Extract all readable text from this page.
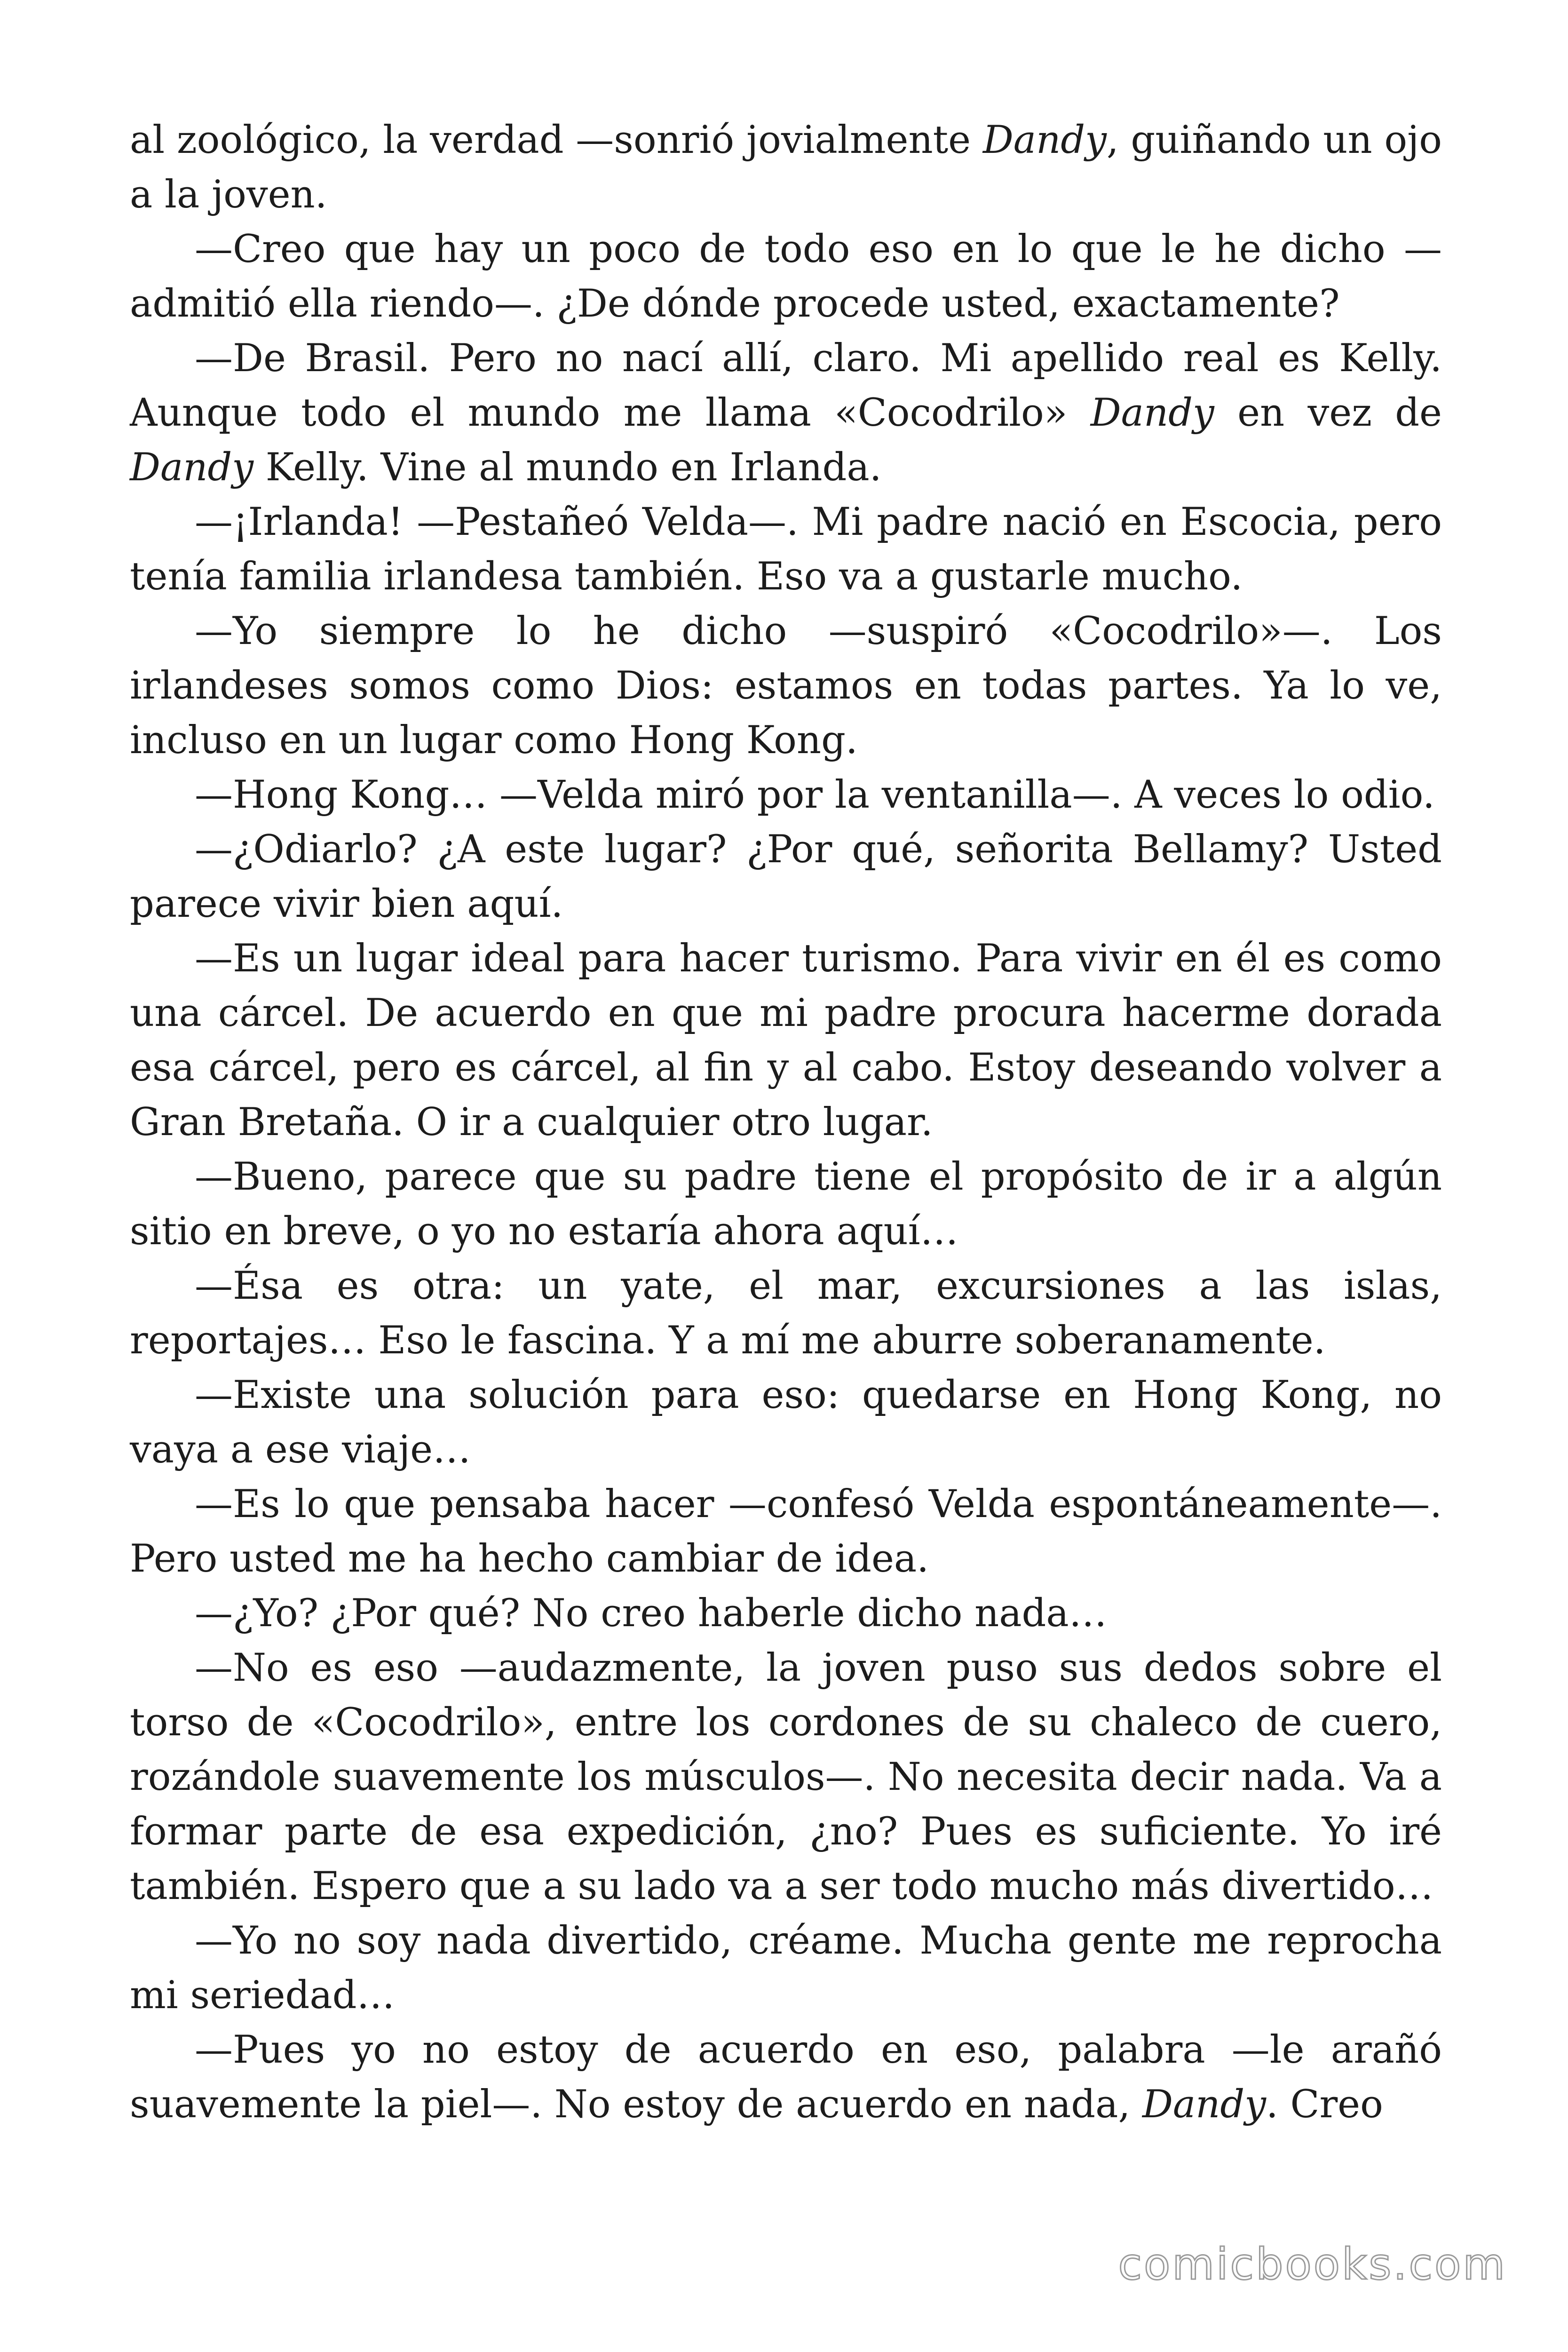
al zoológico, la verdad —sonrió jovialmente Dandy, guiñando un ojo a la joven.

—Creo que hay un poco de todo eso en lo que le he dicho —admitió ella riendo—. ¿De dónde procede usted, exactamente?

—De Brasil. Pero no nací allí, claro. Mi apellido real es Kelly. Aunque todo el mundo me llama «Cocodrilo» Dandy en vez de Dandy Kelly. Vine al mundo en Irlanda.

—¡Irlanda! —Pestañeó Velda—. Mi padre nació en Escocia, pero tenía familia irlandesa también. Eso va a gustarle mucho.

—Yo siempre lo he dicho —suspiró «Cocodrilo»—. Los irlandeses somos como Dios: estamos en todas partes. Ya lo ve, incluso en un lugar como Hong Kong.

—Hong Kong… —Velda miró por la ventanilla—. A veces lo odio.

—¿Odiarlo? ¿A este lugar? ¿Por qué, señorita Bellamy? Usted parece vivir bien aquí.

—Es un lugar ideal para hacer turismo. Para vivir en él es como una cárcel. De acuerdo en que mi padre procura hacerme dorada esa cárcel, pero es cárcel, al fin y al cabo. Estoy deseando volver a Gran Bretaña. O ir a cualquier otro lugar.

—Bueno, parece que su padre tiene el propósito de ir a algún sitio en breve, o yo no estaría ahora aquí…

—Ésa es otra: un yate, el mar, excursiones a las islas, reportajes… Eso le fascina. Y a mí me aburre soberanamente.

—Existe una solución para eso: quedarse en Hong Kong, no vaya a ese viaje…

—Es lo que pensaba hacer —confesó Velda espontáneamente—. Pero usted me ha hecho cambiar de idea.

—¿Yo? ¿Por qué? No creo haberle dicho nada…

—No es eso —audazmente, la joven puso sus dedos sobre el torso de «Cocodrilo», entre los cordones de su chaleco de cuero, rozándole suavemente los músculos—. No necesita decir nada. Va a formar parte de esa expedición, ¿no? Pues es suficiente. Yo iré también. Espero que a su lado va a ser todo mucho más divertido…

—Yo no soy nada divertido, créame. Mucha gente me reprocha mi seriedad…

—Pues yo no estoy de acuerdo en eso, palabra —le arañó suavemente la piel—. No estoy de acuerdo en nada, Dandy. Creo

comicbooks.com
